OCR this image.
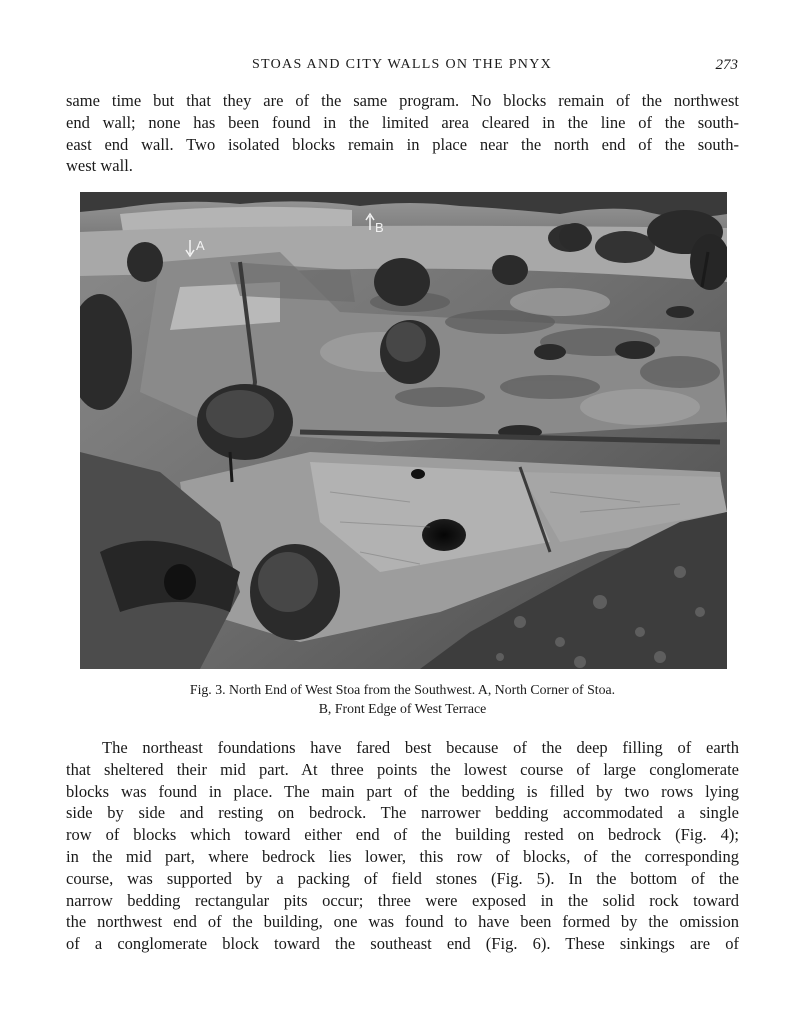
STOAS AND CITY WALLS ON THE PNYX	273
same time but that they are of the same program. No blocks remain of the northwest
end wall; none has been found in the limited area cleared in the line of the south-
east end wall. Two isolated blocks remain in place near the north end of the south-
west wall.
A
B
Fig. 3. North End of West Stoa from the Southwest. A, North Corner of Stoa.
B, Front Edge of West Terrace
The northeast foundations have fared best because of the deep filling of earth
that sheltered their mid part. At three points the lowest course of large conglomerate
blocks was found in place. The main part of the bedding is filled by two rows lying
side by side and resting on bedrock. The narrower bedding accommodated a single
row of blocks which toward either end of the building rested on bedrock (Fig. 4);
in the mid part, where bedrock lies lower, this row of blocks, of the corresponding
course, was supported by a packing of field stones (Fig. 5). In the bottom of the
narrow bedding rectangular pits occur; three were exposed in the solid rock toward
the northwest end of the building, one was found to have been formed by the omission
of a conglomerate block toward the southeast end (Fig. 6). These sinkings are of
